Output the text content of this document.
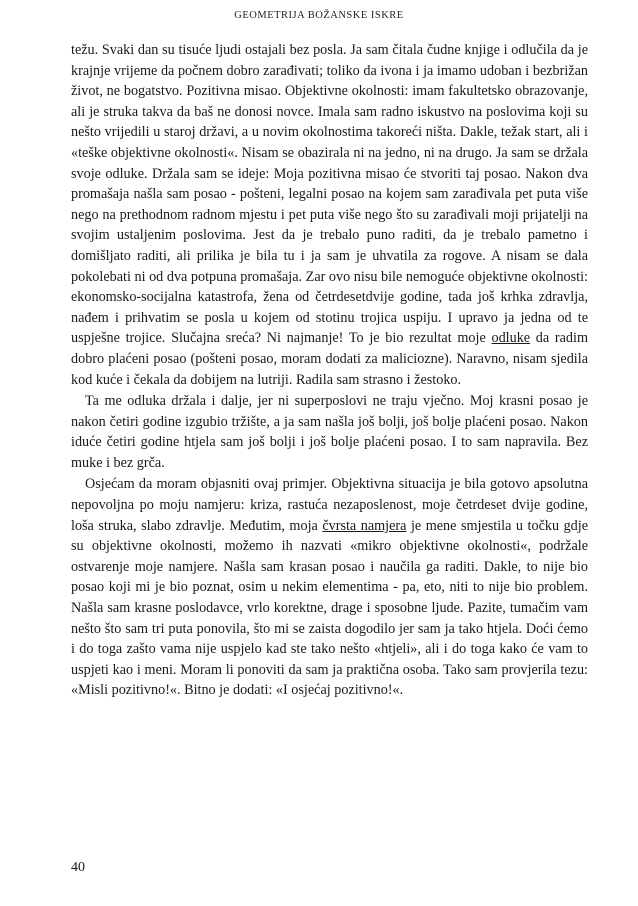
GEOMETRIJA BOŽANSKE ISKRE

težu. Svaki dan su tisuće ljudi ostajali bez posla. Ja sam čitala čudne knjige i odlučila da je krajnje vrijeme da počnem dobro zarađivati; toliko da ivona i ja imamo udoban i bezbrižan život, ne bogatstvo. Pozitivna misao. Objektivne okolnosti: imam fakultetsko obrazovanje, ali je struka takva da baš ne donosi novce. Imala sam radno iskustvo na poslovima koji su nešto vrijedili u staroj državi, a u novim okolnostima takoreći ništa. Dakle, težak start, ali i «teške objektivne okolnosti«. Nisam se obazirala ni na jedno, ni na drugo. Ja sam se držala svoje odluke. Držala sam se ideje: Moja pozitivna misao će stvoriti taj posao. Nakon dva promašaja našla sam posao - pošteni, legalni posao na kojem sam zarađivala pet puta više nego na prethodnom radnom mjestu i pet puta više nego što su zarađivali moji prijatelji na svojim ustaljenim poslovima. Jest da je trebalo puno raditi, da je trebalo pametno i domišljato raditi, ali prilika je bila tu i ja sam je uhvatila za rogove. A nisam se dala pokolebati ni od dva potpuna promašaja. Zar ovo nisu bile nemoguće objektivne okolnosti: ekonomsko-socijalna katastrofa, žena od četrdesetdvije godine, tada još krhka zdravlja, nađem i prihvatim se posla u kojem od stotinu trojica uspiju. I upravo ja jedna od te uspješne trojice. Slučajna sreća? Ni najmanje! To je bio rezultat moje odluke da radim dobro plaćeni posao (pošteni posao, moram dodati za maliciozne). Naravno, nisam sjedila kod kuće i čekala da dobijem na lutriji. Radila sam strasno i žestoko.

Ta me odluka držala i dalje, jer ni superposlovi ne traju vječno. Moj krasni posao je nakon četiri godine izgubio tržište, a ja sam našla još bolji, još bolje plaćeni posao. Nakon iduće četiri godine htjela sam još bolji i još bolje plaćeni posao. I to sam napravila. Bez muke i bez grča.

Osjećam da moram objasniti ovaj primjer. Objektivna situacija je bila gotovo apsolutna nepovoljna po moju namjeru: kriza, rastuća nezaposlenost, moje četrdeset dvije godine, loša struka, slabo zdravlje. Međutim, moja čvrsta namjera je mene smjestila u točku gdje su objektivne okolnosti, možemo ih nazvati «mikro objektivne okolnosti«, podržale ostvarenje moje namjere. Našla sam krasan posao i naučila ga raditi. Dakle, to nije bio posao koji mi je bio poznat, osim u nekim elementima - pa, eto, niti to nije bio problem. Našla sam krasne poslodavce, vrlo korektne, drage i sposobne ljude. Pazite, tumačim vam nešto što sam tri puta ponovila, što mi se zaista dogodilo jer sam ja tako htjela. Doći ćemo i do toga zašto vama nije uspjelo kad ste tako nešto «htjeli», ali i do toga kako će vam to uspjeti kao i meni. Moram li ponoviti da sam ja praktična osoba. Tako sam provjerila tezu: «Misli pozitivno!«. Bitno je dodati: «I osjećaj pozitivno!«.

40
